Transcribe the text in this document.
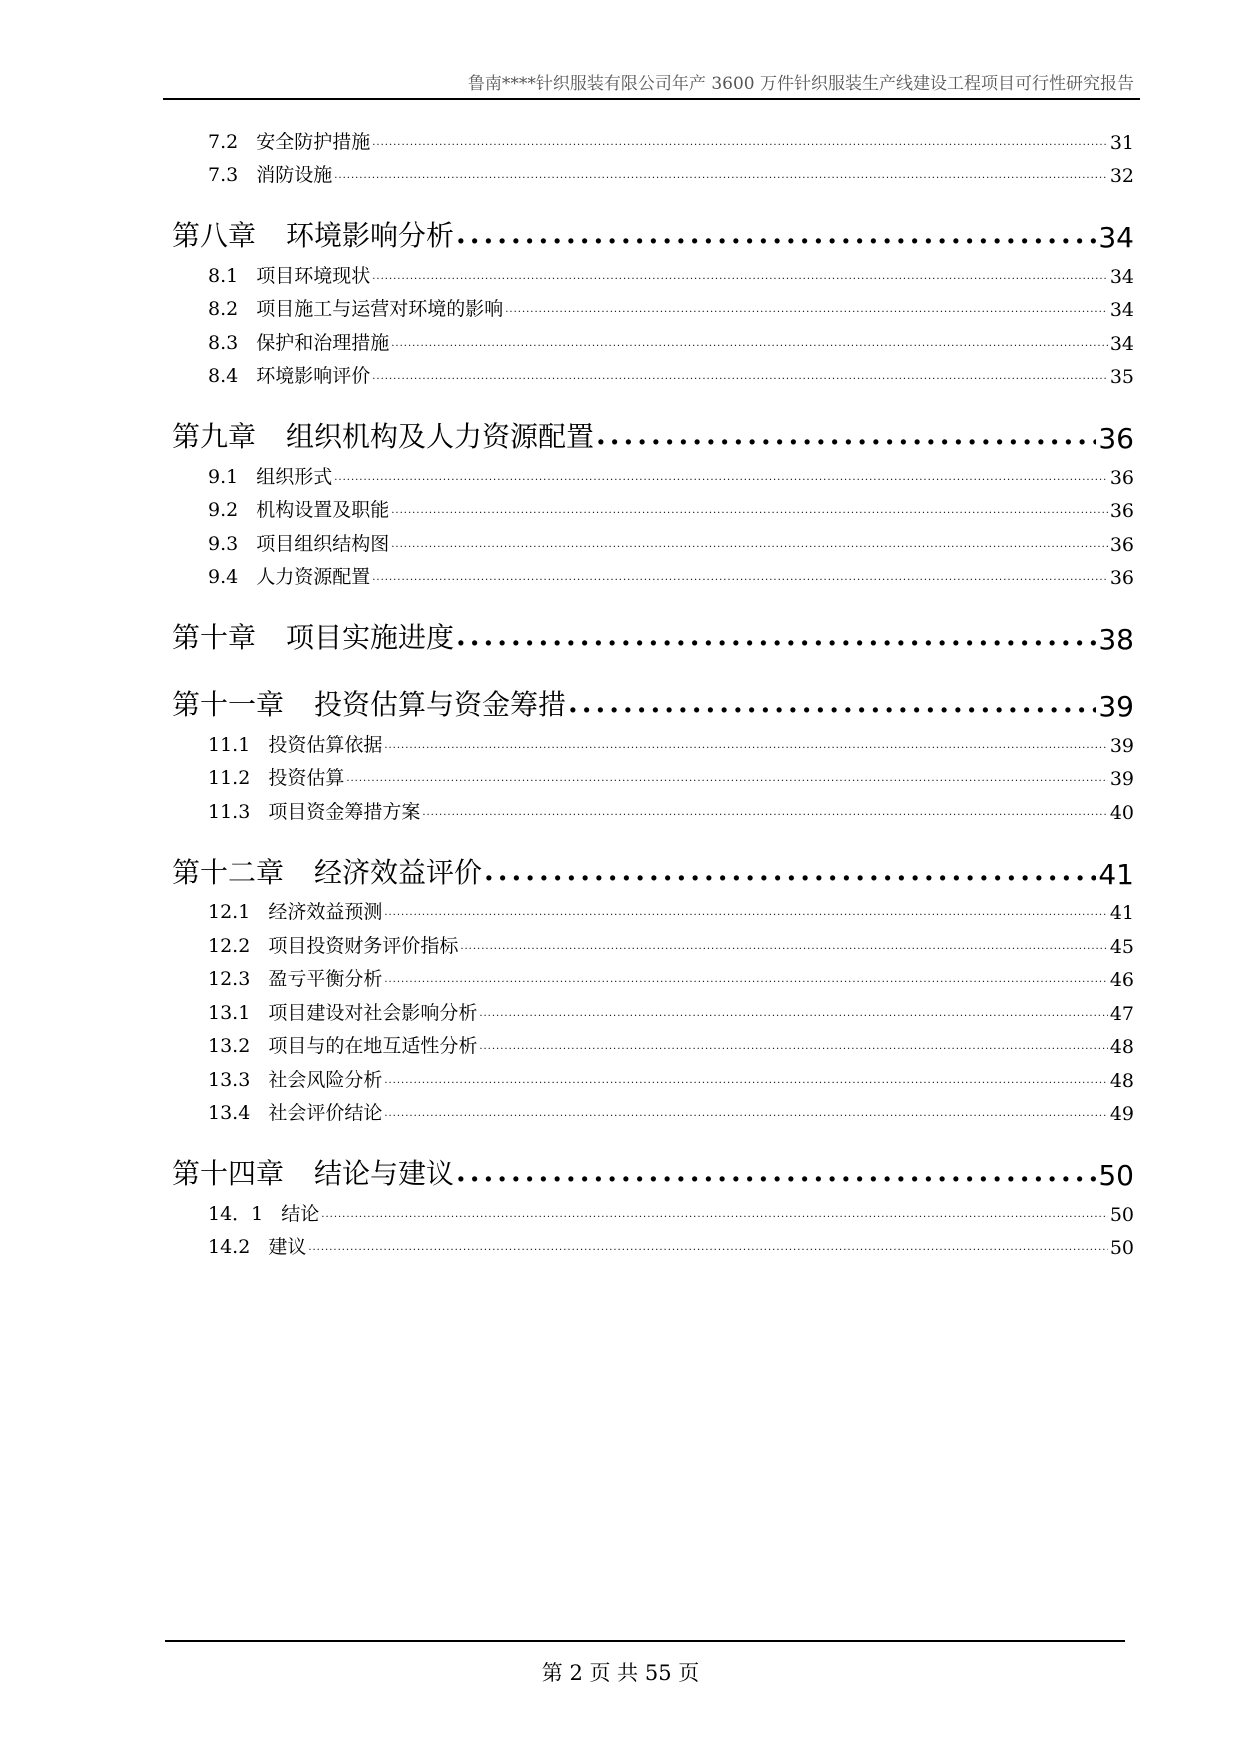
鲁南****针织服装有限公司年产 3600 万件针织服装生产线建设工程项目可行性研究报告
7.2 安全防护措施 .....	31
7.3 消防设施 .....	32
第八章 环境影响分析 .....	34
8.1 项目环境现状 .....	34
8.2 项目施工与运营对环境的影响 .....	34
8.3 保护和治理措施 .....	34
8.4 环境影响评价 .....	35
第九章 组织机构及人力资源配置 .....	36
9.1 组织形式 .....	36
9.2 机构设置及职能 .....	36
9.3 项目组织结构图 .....	36
9.4 人力资源配置 .....	36
第十章 项目实施进度 .....	38
第十一章 投资估算与资金筹措 .....	39
11.1 投资估算依据 .....	39
11.2 投资估算 .....	39
11.3 项目资金筹措方案 .....	40
第十二章 经济效益评价 .....	41
12.1 经济效益预测 .....	41
12.2 项目投资财务评价指标 .....	45
12.3 盈亏平衡分析 .....	46
13.1 项目建设对社会影响分析 .....	47
13.2 项目与的在地互适性分析 .....	48
13.3 社会风险分析 .....	48
13.4 社会评价结论 .....	49
第十四章 结论与建议 .....	50
14．1 结论 .....	50
14.2 建议 .....	50
第 2 页 共 55 页
